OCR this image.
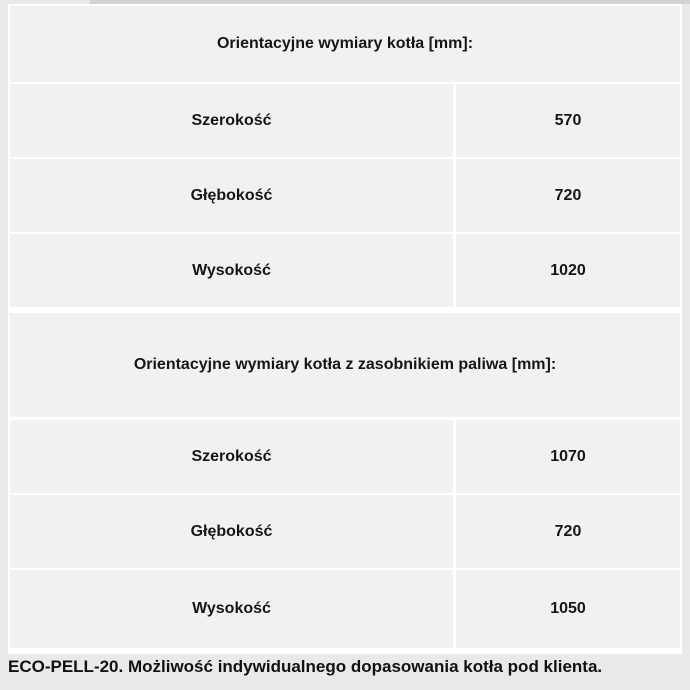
Orientacyjne wymiary kotła [mm]:
Szerokość	570
Głębokość	720
Wysokość	1020
Orientacyjne wymiary kotła z zasobnikiem paliwa [mm]:
Szerokość	1070
Głębokość	720
Wysokość	1050
ECO-PELL-20. Możliwość indywidualnego dopasowania kotła pod klienta.
